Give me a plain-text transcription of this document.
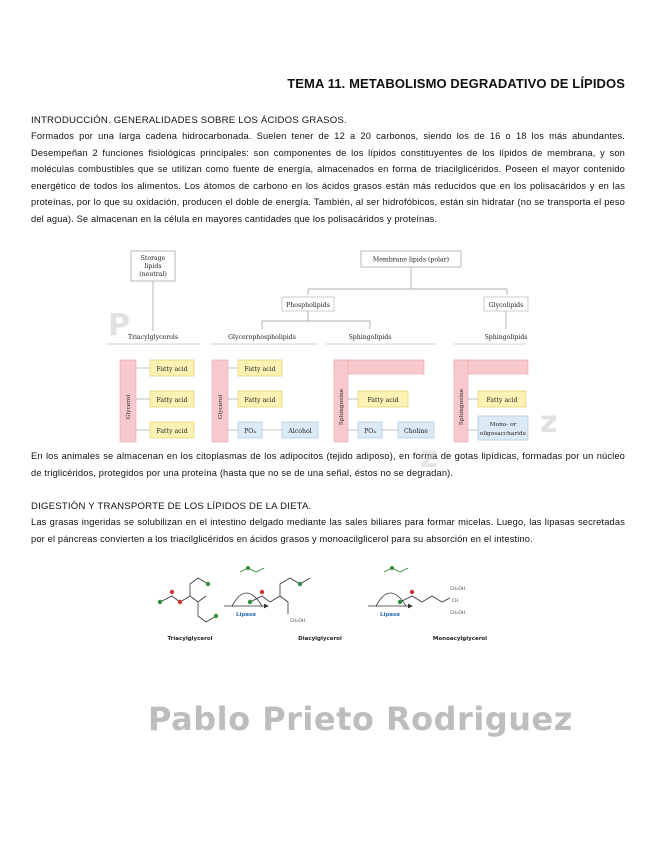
TEMA 11. METABOLISMO DEGRADATIVO DE LÍPIDOS
INTRODUCCIÓN. GENERALIDADES SOBRE LOS ÁCIDOS GRASOS.
Formados por una larga cadena hidrocarbonada. Suelen tener de 12 a 20 carbonos, siendo los de 16 o 18 los más abundantes. Desempeñan 2 funciones fisiológicas principales: son componentes de los lípidos constituyentes de los lípidos de membrana, y son moléculas combustibles que se utilizan como fuente de energía, almacenados en forma de triacilglicéridos. Poseen el mayor contenido energético de todos los alimentos. Los átomos de carbono en los ácidos grasos están más reducidos que en los polisacáridos y en las proteínas, por lo que su oxidación, producen el doble de energía. También, al ser hidrofóbicos, están sin hidratar (no se transporta el peso del agua). Se almacenan en la célula en mayores cantidades que los polisacáridos y proteínas.
P
z
Storage
lipids
(neutral)
Membrane lipids (polar)
Phospholipids	Glycolipids
Triacylglycerols	Glycerophospholipids	Sphingolipids	Sphingolipids
Glycerol
Fatty acid
Fatty acid
Fatty acid
Glycerol
Fatty acid
Fatty acid
PO₄	Alcohol
Sphingosine	Fatty acid
PO₄	Choline
Sphingosine	Fatty acid
Mono- or
oligosaccharide
En los animales se almacenan en los citoplasmas de los adipocitos (tejido adiposo), en forma de gotas lipídicas, formadas por un núcleo de triglicéridos, protegidos por una proteína (hasta que no se de una señal, éstos no se degradan).
z
DIGESTIÓN Y TRANSPORTE DE LOS LÍPIDOS DE LA DIETA.
Las grasas ingeridas se solubilizan en el intestino delgado mediante las sales biliares para formar micelas. Luego, las lipasas secretadas por el páncreas convierten a los triacilglicéridos en ácidos grasos y monoacilglicerol para su absorción en el intestino.
Lipase	Lipase
Triacylglycerol	Diacylglycerol	Monoacylglycerol
CH₂OH
CH
CH₂OH
CH₂OH
Pablo Prieto Rodriguez
